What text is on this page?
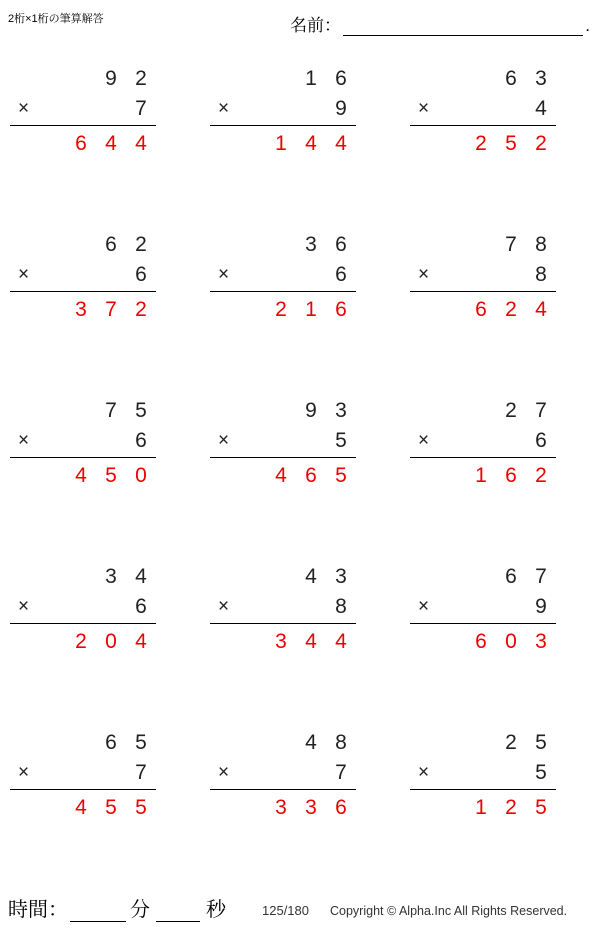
2桁×1桁の筆算解答	名前：	.
9 2
×	7
6 4 4
1 6
×	9
1 4 4
6 3
×	4
2 5 2
6 2
×	6
3 7 2
3 6
×	6
2 1 6
7 8
×	8
6 2 4
7 5
×	6
4 5 0
9 3
×	5
4 6 5
2 7
×	6
1 6 2
3 4
×	6
2 0 4
4 3
×	8
3 4 4
6 7
×	9
6 0 3
6 5
×	7
4 5 5
4 8
×	7
3 3 6
2 5
×	5
1 2 5
時間：	分	秒	125/180 Copyright © Alpha.Inc All Rights Reserved.
